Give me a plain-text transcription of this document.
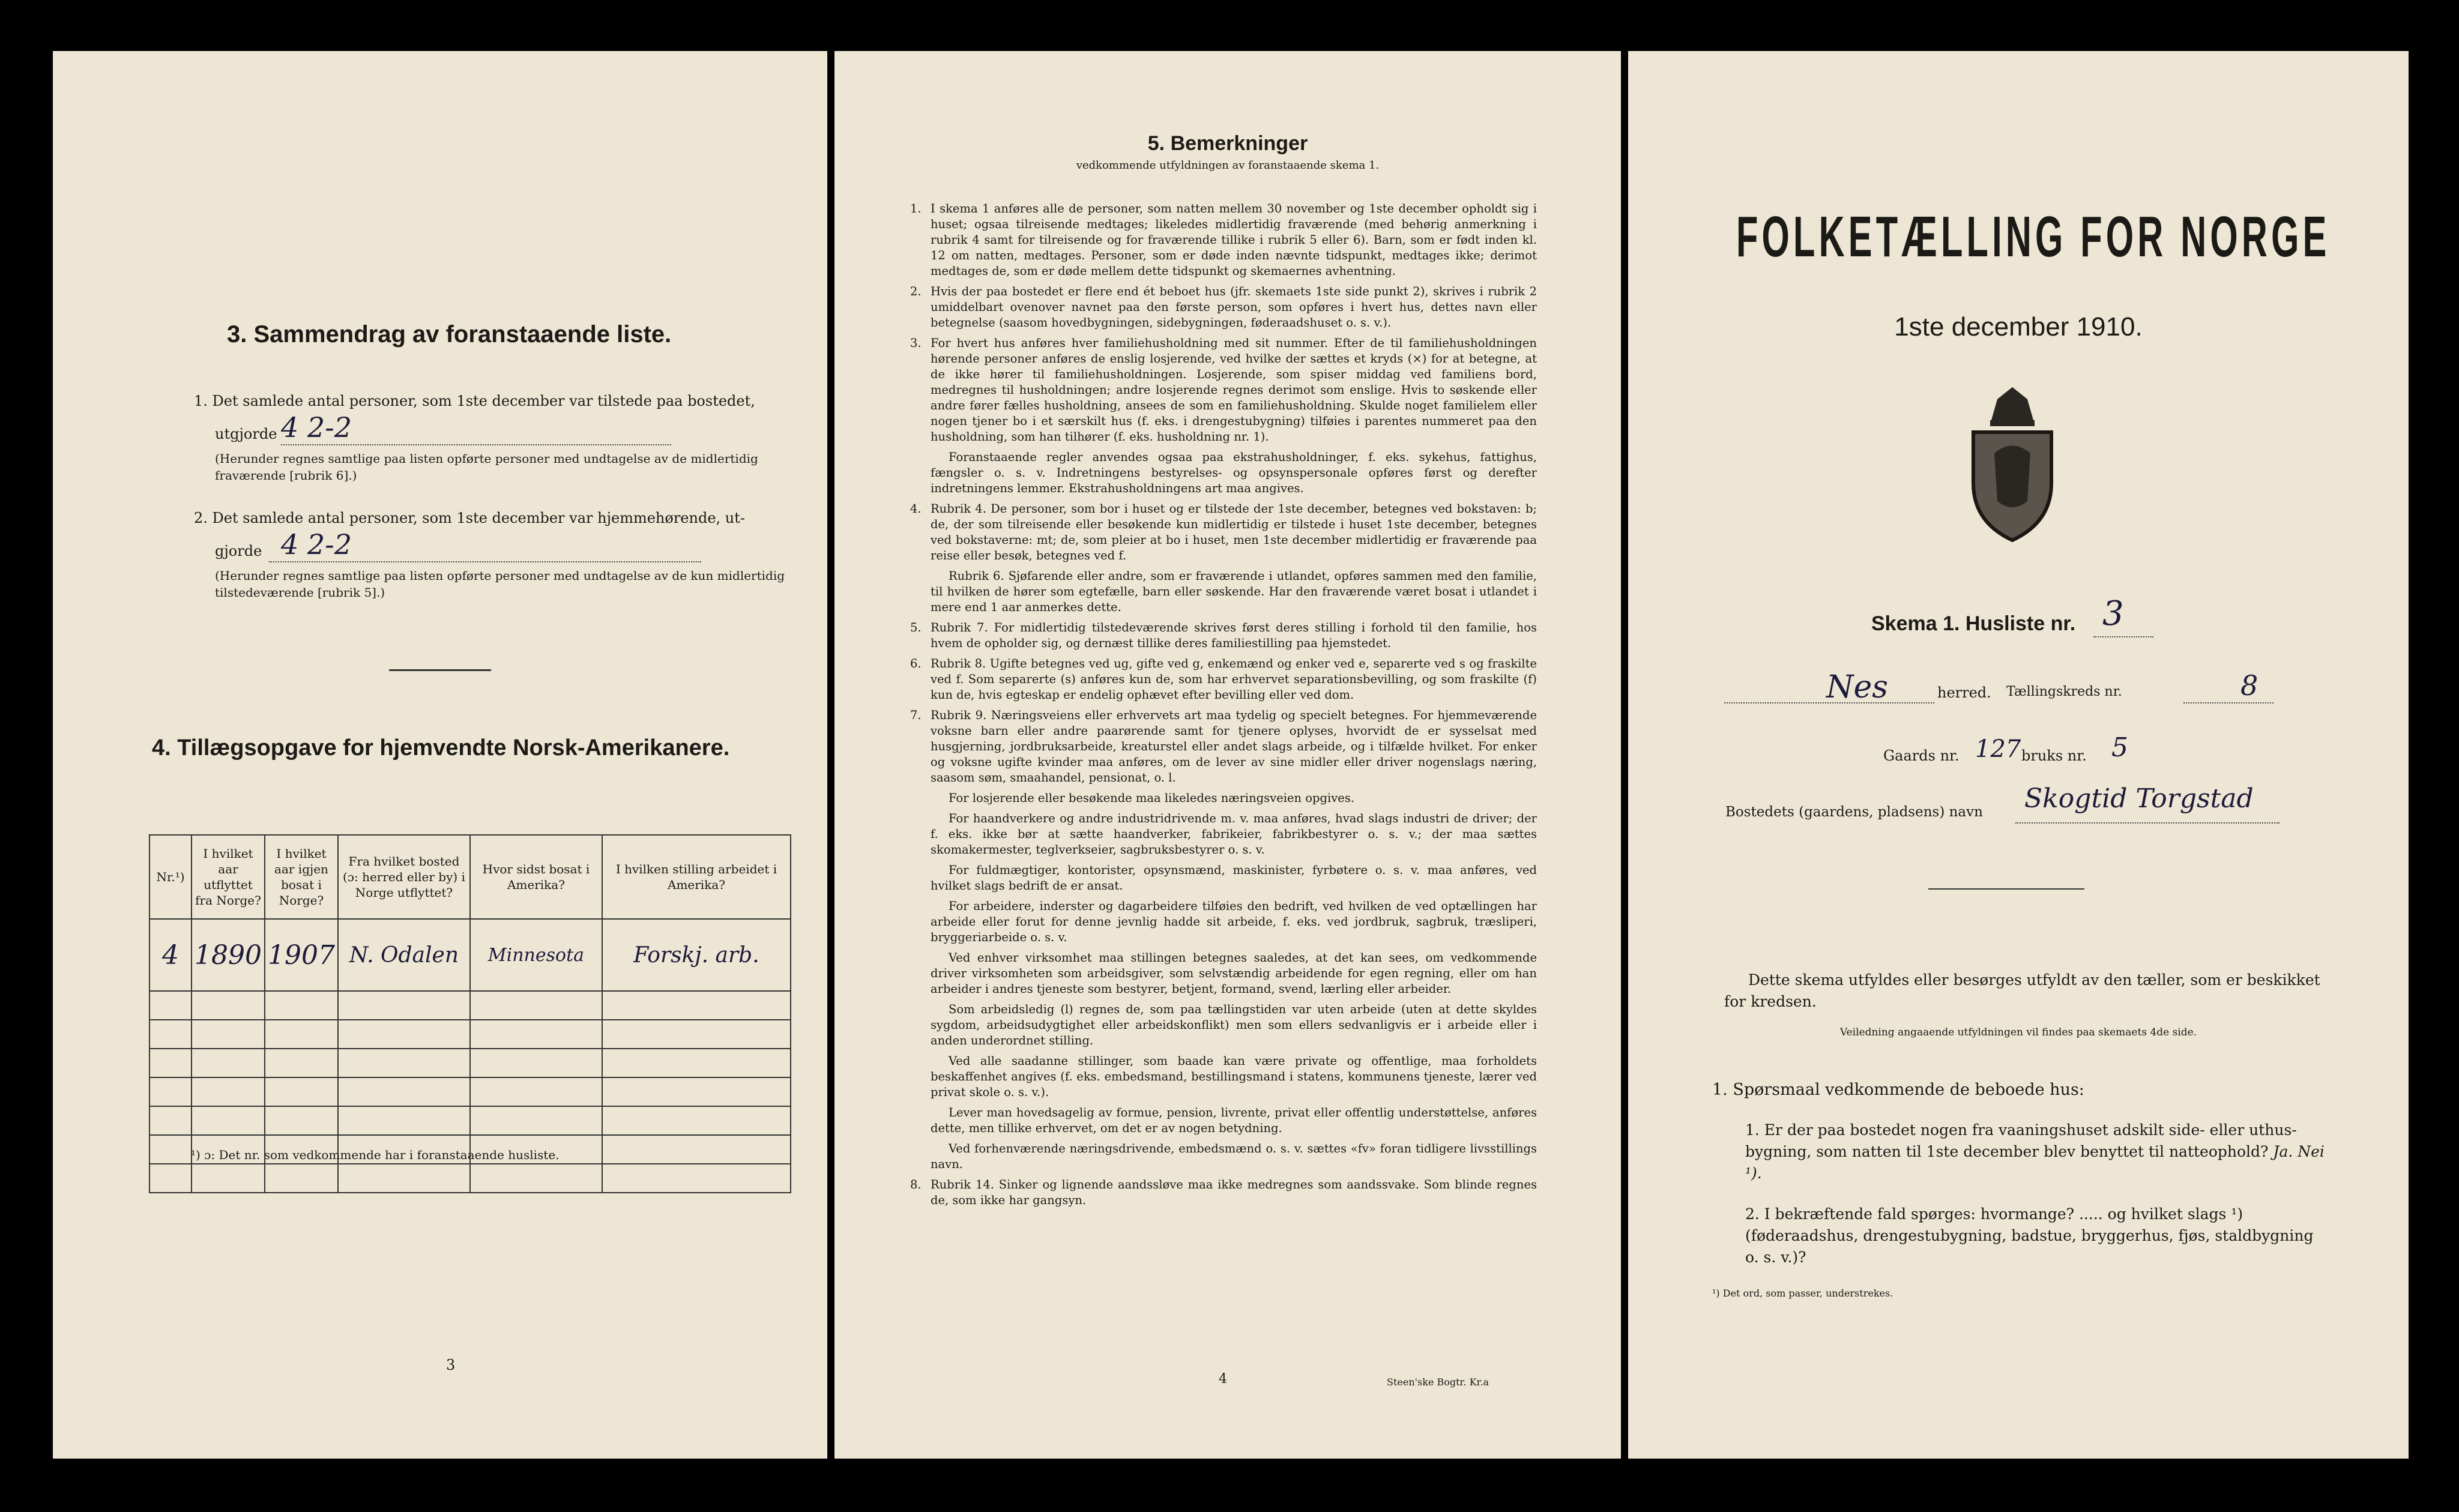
3. Sammendrag av foranstaaende liste.
1. Det samlede antal personer, som 1ste december var tilstede paa bostedet,
utgjorde 4 2-2
(Herunder regnes samtlige paa listen opførte personer med undtagelse av de midlertidig fraværende [rubrik 6].)
2. Det samlede antal personer, som 1ste december var hjemmehørende, ut-
gjorde 4 2-2
(Herunder regnes samtlige paa listen opførte personer med undtagelse av de kun midlertidig tilstedeværende [rubrik 5].)
4. Tillægsopgave for hjemvendte Norsk-Amerikanere.
Nr.¹)	I hvilket aar utflyttet fra Norge?	I hvilket aar igjen bosat i Norge?	Fra hvilket bosted (ɔ: herred eller by) i Norge utflyttet?	Hvor sidst bosat i Amerika?	I hvilken stilling arbeidet i Amerika?
4	1890	1907	N. Odalen	Minnesota	Forskj. arb.

¹) ɔ: Det nr. som vedkommende har i foranstaaende husliste.
3
5. Bemerkninger
vedkommende utfyldningen av foranstaaende skema 1.

1. I skema 1 anføres alle de personer, som natten mellem 30 november og 1ste december opholdt sig i huset; ogsaa tilreisende medtages; likeledes midlertidig fraværende (med behørig anmerkning i rubrik 4 samt for tilreisende og for fraværende tillike i rubrik 5 eller 6). Barn, som er født inden kl. 12 om natten, medtages. Personer, som er døde inden nævnte tidspunkt, medtages ikke; derimot medtages de, som er døde mellem dette tidspunkt og skemaernes avhentning.

2. Hvis der paa bostedet er flere end ét beboet hus (jfr. skemaets 1ste side punkt 2), skrives i rubrik 2 umiddelbart ovenover navnet paa den første person, som opføres i hvert hus, dettes navn eller betegnelse (saasom hovedbygningen, sidebygningen, føderaadshuset o. s. v.).

3. For hvert hus anføres hver familiehusholdning med sit nummer. Efter de til familiehusholdningen hørende personer anføres de enslig losjerende, ved hvilke der sættes et kryds (×) for at betegne, at de ikke hører til familiehusholdningen. Losjerende, som spiser middag ved familiens bord, medregnes til husholdningen; andre losjerende regnes derimot som enslige. Hvis to søskende eller andre fører fælles husholdning, ansees de som en familiehusholdning. Skulde noget familielem eller nogen tjener bo i et særskilt hus (f. eks. i drengestubygning) tilføies i parentes nummeret paa den husholdning, som han tilhører (f. eks. husholdning nr. 1).

Foranstaaende regler anvendes ogsaa paa ekstrahusholdninger, f. eks. sykehus, fattighus, fængsler o. s. v. Indretningens bestyrelses- og opsynspersonale opføres først og derefter indretningens lemmer. Ekstrahusholdningens art maa angives.

4. Rubrik 4. De personer, som bor i huset og er tilstede der 1ste december, betegnes ved bokstaven: b; de, der som tilreisende eller besøkende kun midlertidig er tilstede i huset 1ste december, betegnes ved bokstaverne: mt; de, som pleier at bo i huset, men 1ste december midlertidig er fraværende paa reise eller besøk, betegnes ved f.

Rubrik 6. Sjøfarende eller andre, som er fraværende i utlandet, opføres sammen med den familie, til hvilken de hører som egtefælle, barn eller søskende. Har den fraværende været bosat i utlandet i mere end 1 aar anmerkes dette.

5. Rubrik 7. For midlertidig tilstedeværende skrives først deres stilling i forhold til den familie, hos hvem de opholder sig, og dernæst tillike deres familiestilling paa hjemstedet.

6. Rubrik 8. Ugifte betegnes ved ug, gifte ved g, enkemænd og enker ved e, separerte ved s og fraskilte ved f. Som separerte (s) anføres kun de, som har erhvervet separationsbevilling, og som fraskilte (f) kun de, hvis egteskap er endelig ophævet efter bevilling eller ved dom.

7. Rubrik 9. Næringsveiens eller erhvervets art maa tydelig og specielt betegnes. For hjemmeværende voksne barn eller andre paarørende samt for tjenere oplyses, hvorvidt de er sysselsat med husgjerning, jordbruksarbeide, kreaturstel eller andet slags arbeide, og i tilfælde hvilket. For enker og voksne ugifte kvinder maa anføres, om de lever av sine midler eller driver nogenslags næring, saasom søm, smaahandel, pensionat, o. l.

For losjerende eller besøkende maa likeledes næringsveien opgives.

For haandverkere og andre industridrivende m. v. maa anføres, hvad slags industri de driver; der f. eks. ikke bør at sætte haandverker, fabrikeier, fabrikbestyrer o. s. v.; der maa sættes skomakermester, teglverkseier, sagbruksbestyrer o. s. v.

For fuldmægtiger, kontorister, opsynsmænd, maskinister, fyrbøtere o. s. v. maa anføres, ved hvilket slags bedrift de er ansat.

For arbeidere, inderster og dagarbeidere tilføies den bedrift, ved hvilken de ved optællingen har arbeide eller forut for denne jevnlig hadde sit arbeide, f. eks. ved jordbruk, sagbruk, træsliperi, bryggeriarbeide o. s. v.

Ved enhver virksomhet maa stillingen betegnes saaledes, at det kan sees, om vedkommende driver virksomheten som arbeidsgiver, som selvstændig arbeidende for egen regning, eller om han arbeider i andres tjeneste som bestyrer, betjent, formand, svend, lærling eller arbeider.

Som arbeidsledig (l) regnes de, som paa tællingstiden var uten arbeide (uten at dette skyldes sygdom, arbeidsudygtighet eller arbeidskonflikt) men som ellers sedvanligvis er i arbeide eller i anden underordnet stilling.

Ved alle saadanne stillinger, som baade kan være private og offentlige, maa forholdets beskaffenhet angives (f. eks. embedsmand, bestillingsmand i statens, kommunens tjeneste, lærer ved privat skole o. s. v.).

Lever man hovedsagelig av formue, pension, livrente, privat eller offentlig understøttelse, anføres dette, men tillike erhvervet, om det er av nogen betydning.

Ved forhenværende næringsdrivende, embedsmænd o. s. v. sættes «fv» foran tidligere livsstillings navn.

8. Rubrik 14. Sinker og lignende aandssløve maa ikke medregnes som aandssvake. Som blinde regnes de, som ikke har gangsyn.

4	Steen'ske Bogtr. Kr.a
FOLKETÆLLING FOR NORGE
1ste december 1910.
Skema 1. Husliste nr. 3
Nes	herred. Tællingskreds nr.	8
Gaards nr. 127 bruks nr. 5
Bostedets (gaardens, pladsens) navn Skogtid Torgstad
Dette skema utfyldes eller besørges utfyldt av den tæller, som er beskikket for kredsen.
Veiledning angaaende utfyldningen vil findes paa skemaets 4de side.
1. Spørsmaal vedkommende de beboede hus:
1. Er der paa bostedet nogen fra vaaningshuset adskilt side- eller uthus-bygning, som natten til 1ste december blev benyttet til natteophold? Ja. Nei ¹).
2. I bekræftende fald spørges: hvormange? ..... og hvilket slags ¹) (føderaadshus, drengestubygning, badstue, bryggerhus, fjøs, staldbygning o. s. v.)?
¹) Det ord, som passer, understrekes.
